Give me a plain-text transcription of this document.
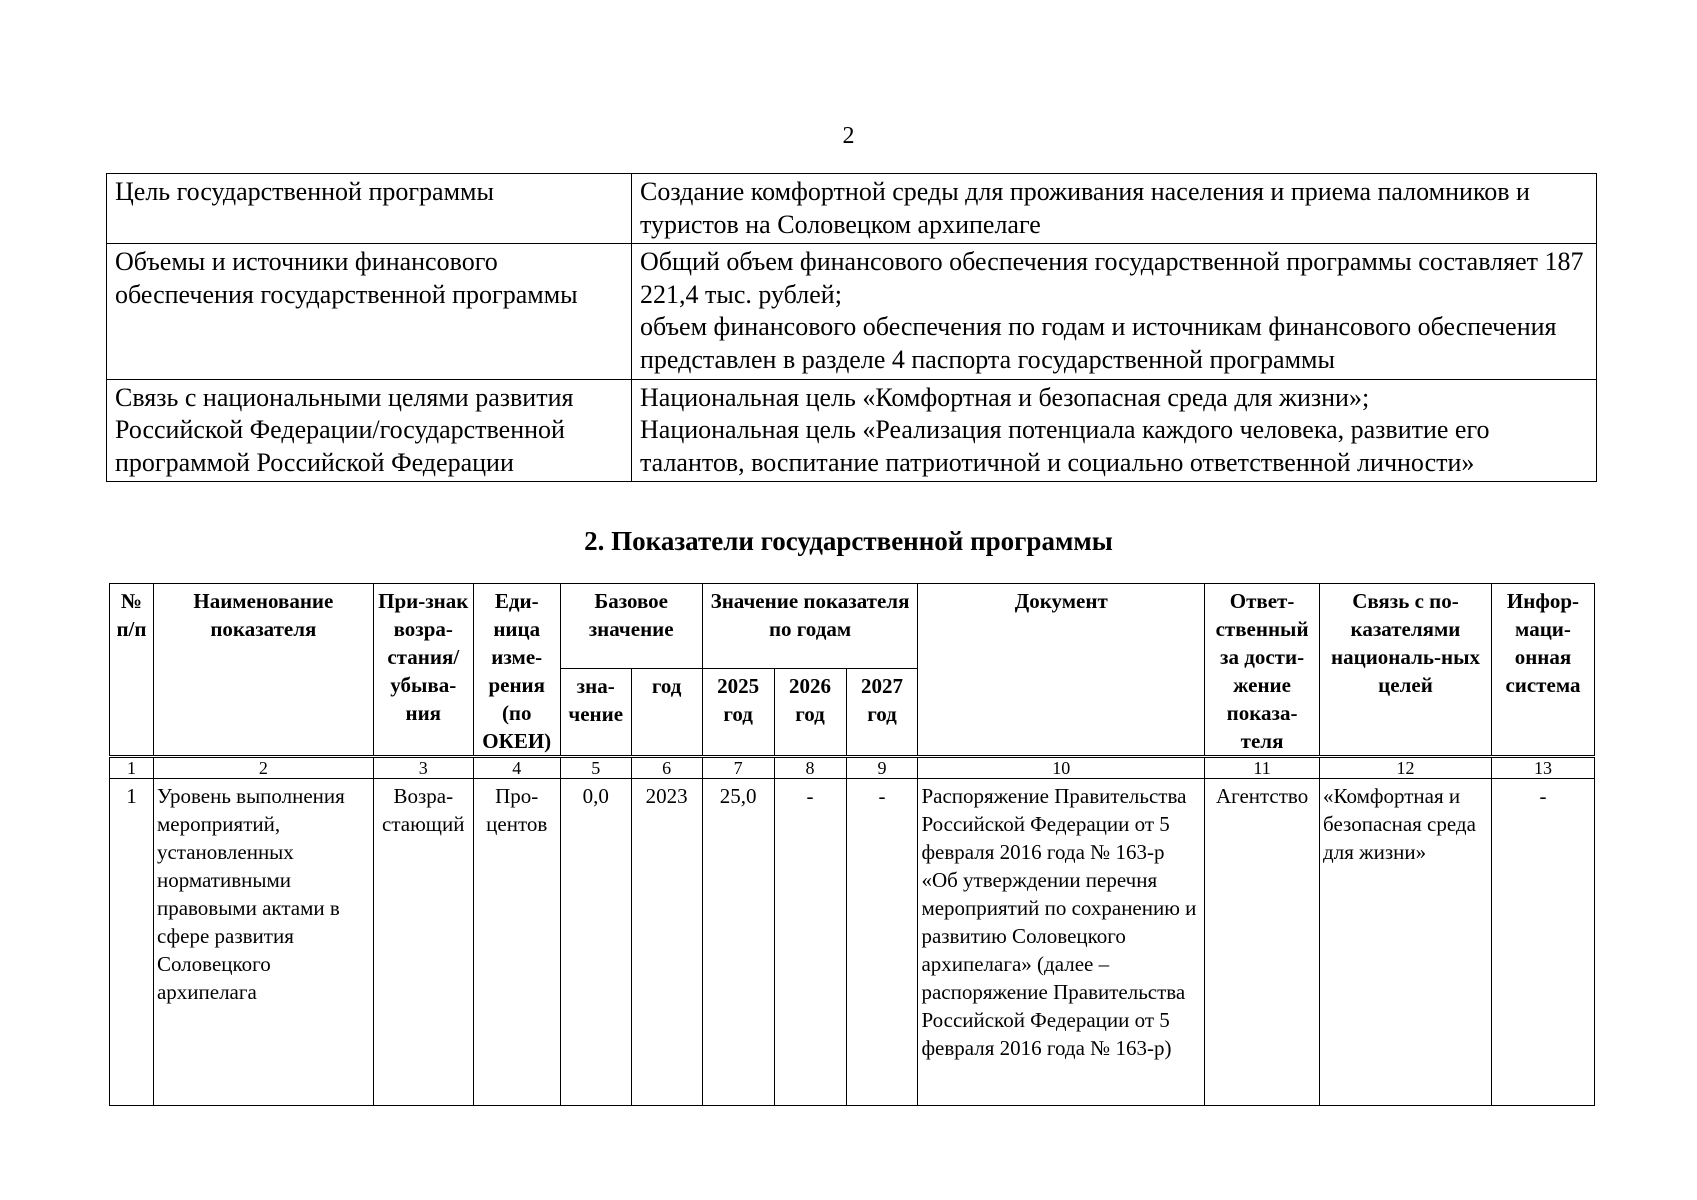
2
Цель государственной программы	Создание комфортной среды для проживания населения и приема паломников и туристов на Соловецком архипелаге
Объемы и источники финансового обеспечения государственной программы	Общий объем финансового обеспечения государственной программы составляет 187 221,4 тыс. рублей;
объем финансового обеспечения по годам и источникам финансового обеспечения представлен в разделе 4 паспорта государственной программы

Связь с национальными целями развития Российской Федерации/государственной программой Российской Федерации	Национальная цель «Комфортная и безопасная среда для жизни»;
Национальная цель «Реализация потенциала каждого человека, развитие его талантов, воспитание патриотичной и социально ответственной личности»
2. Показатели государственной программы
№ п/п	Наименование показателя	При-знак возра-стания/ убыва-ния	Еди-ница изме-рения (по ОКЕИ)	Базовое значение		Значение показателя по годам			Документ	Ответ-ственный за дости-жение показа-теля	Связь с по-казателями националь-ных целей	Инфор-маци-онная система
				зна-чение	год	2025 год	2026 год	2027 год				
1	2	3	4	5	6	7	8	9	10	11	12	13
1	Уровень выполнения мероприятий, установленных нормативными правовыми актами в сфере развития Соловецкого архипелага	Возра-стающий	Про-центов	0,0	2023	25,0	-	-	Распоряжение Правительства Российской Федерации от 5 февраля 2016 года № 163-р «Об утверждении перечня мероприятий по сохранению и развитию Соловецкого архипелага» (далее – распоряжение Правительства Российской Федерации от 5 февраля 2016 года № 163-р)	Агентство	«Комфортная и безопасная среда для жизни»	-
